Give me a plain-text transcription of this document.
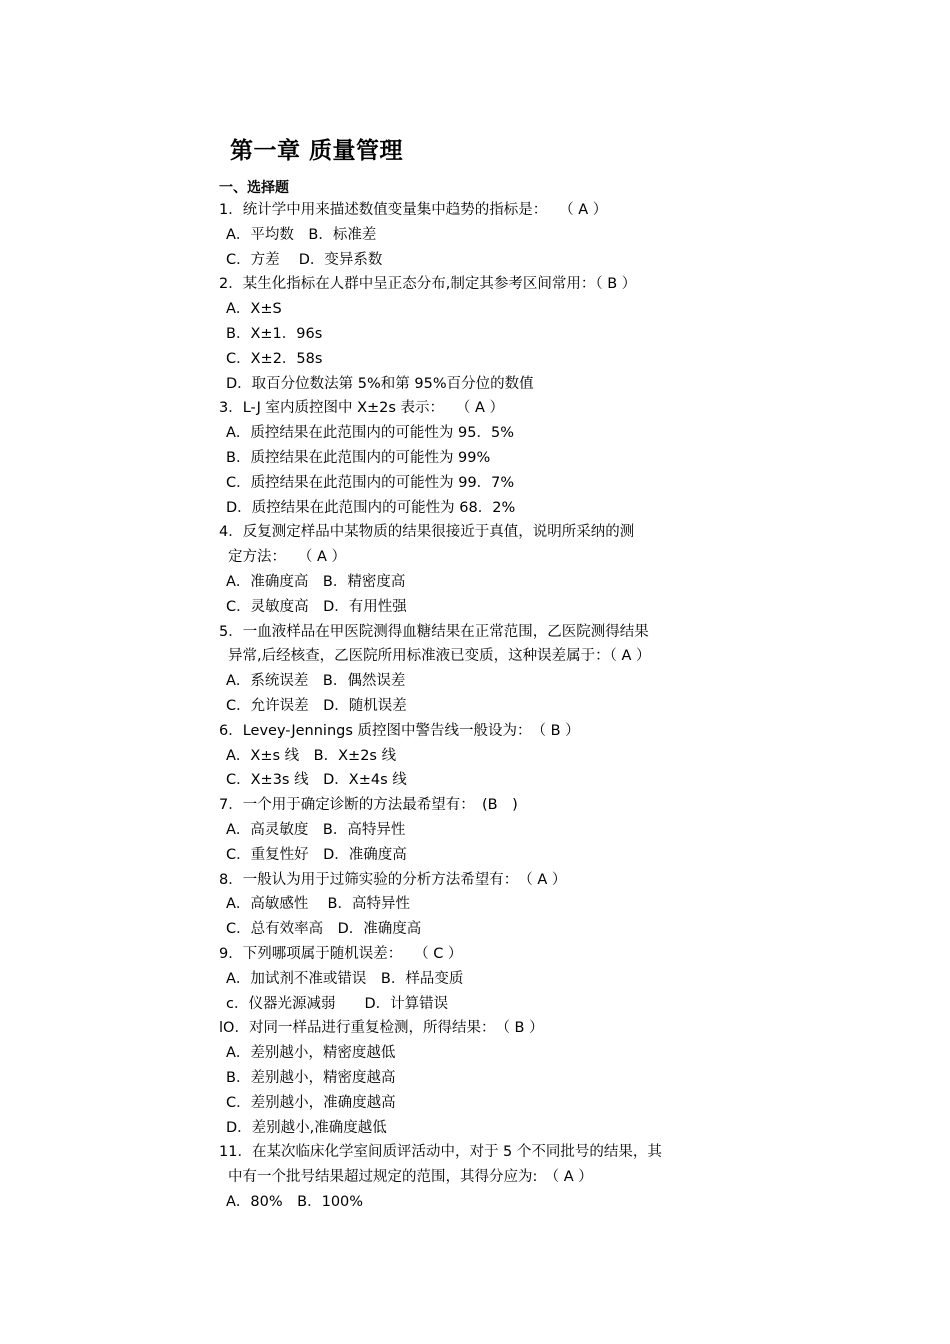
第一章 质量管理
一、选择题
1．统计学中用来描述数值变量集中趋势的指标是：　 （ A ）
A．平均数　B．标准差
C．方差　 D．变异系数
2．某生化指标在人群中呈正态分布,制定其参考区间常用：（ B ）
A．X±S
B．X±1．96s
C．X±2．58s
D．取百分位数法第 5%和第 95%百分位的数值
3．L-J 室内质控图中 X±2s 表示：　 （ A ）
A．质控结果在此范围内的可能性为 95．5%
B．质控结果在此范围内的可能性为 99%
C．质控结果在此范围内的可能性为 99．7%
D．质控结果在此范围内的可能性为 68．2%
4．反复测定样品中某物质的结果很接近于真值，说明所采纳的测
定方法：　 （ A ）
A．准确度高　B．精密度高
C．灵敏度高　D．有用性强
5．一血液样品在甲医院测得血糖结果在正常范围，乙医院测得结果
异常,后经核查，乙医院所用标准液已变质，这种误差属于：（ A ）
A．系统误差　B．偶然误差
C．允许误差　D．随机误差
6．Levey-Jennings 质控图中警告线一般设为：　（ B ）
A．X±s 线　B．X±2s 线
C．X±3s 线　D．X±4s 线
7．一个用于确定诊断的方法最希望有：　(B　)
A．高灵敏度　B．高特异性
C．重复性好　D．准确度高
8．一般认为用于过筛实验的分析方法希望有：　（ A ）
A．高敏感性　 B．高特异性
C．总有效率高　D．准确度高
9．下列哪项属于随机误差：　 （ C ）
A．加试剂不准或错误　B．样品变质
c．仪器光源减弱　　D．计算错误
lO．对同一样品进行重复检测，所得结果：　（ B ）
A．差别越小，精密度越低
B．差别越小，精密度越高
C．差别越小，准确度越高
D．差别越小,准确度越低
11．在某次临床化学室间质评活动中，对于 5 个不同批号的结果，其
中有一个批号结果超过规定的范围，其得分应为:　（ A ）
A．80%　B．100%
